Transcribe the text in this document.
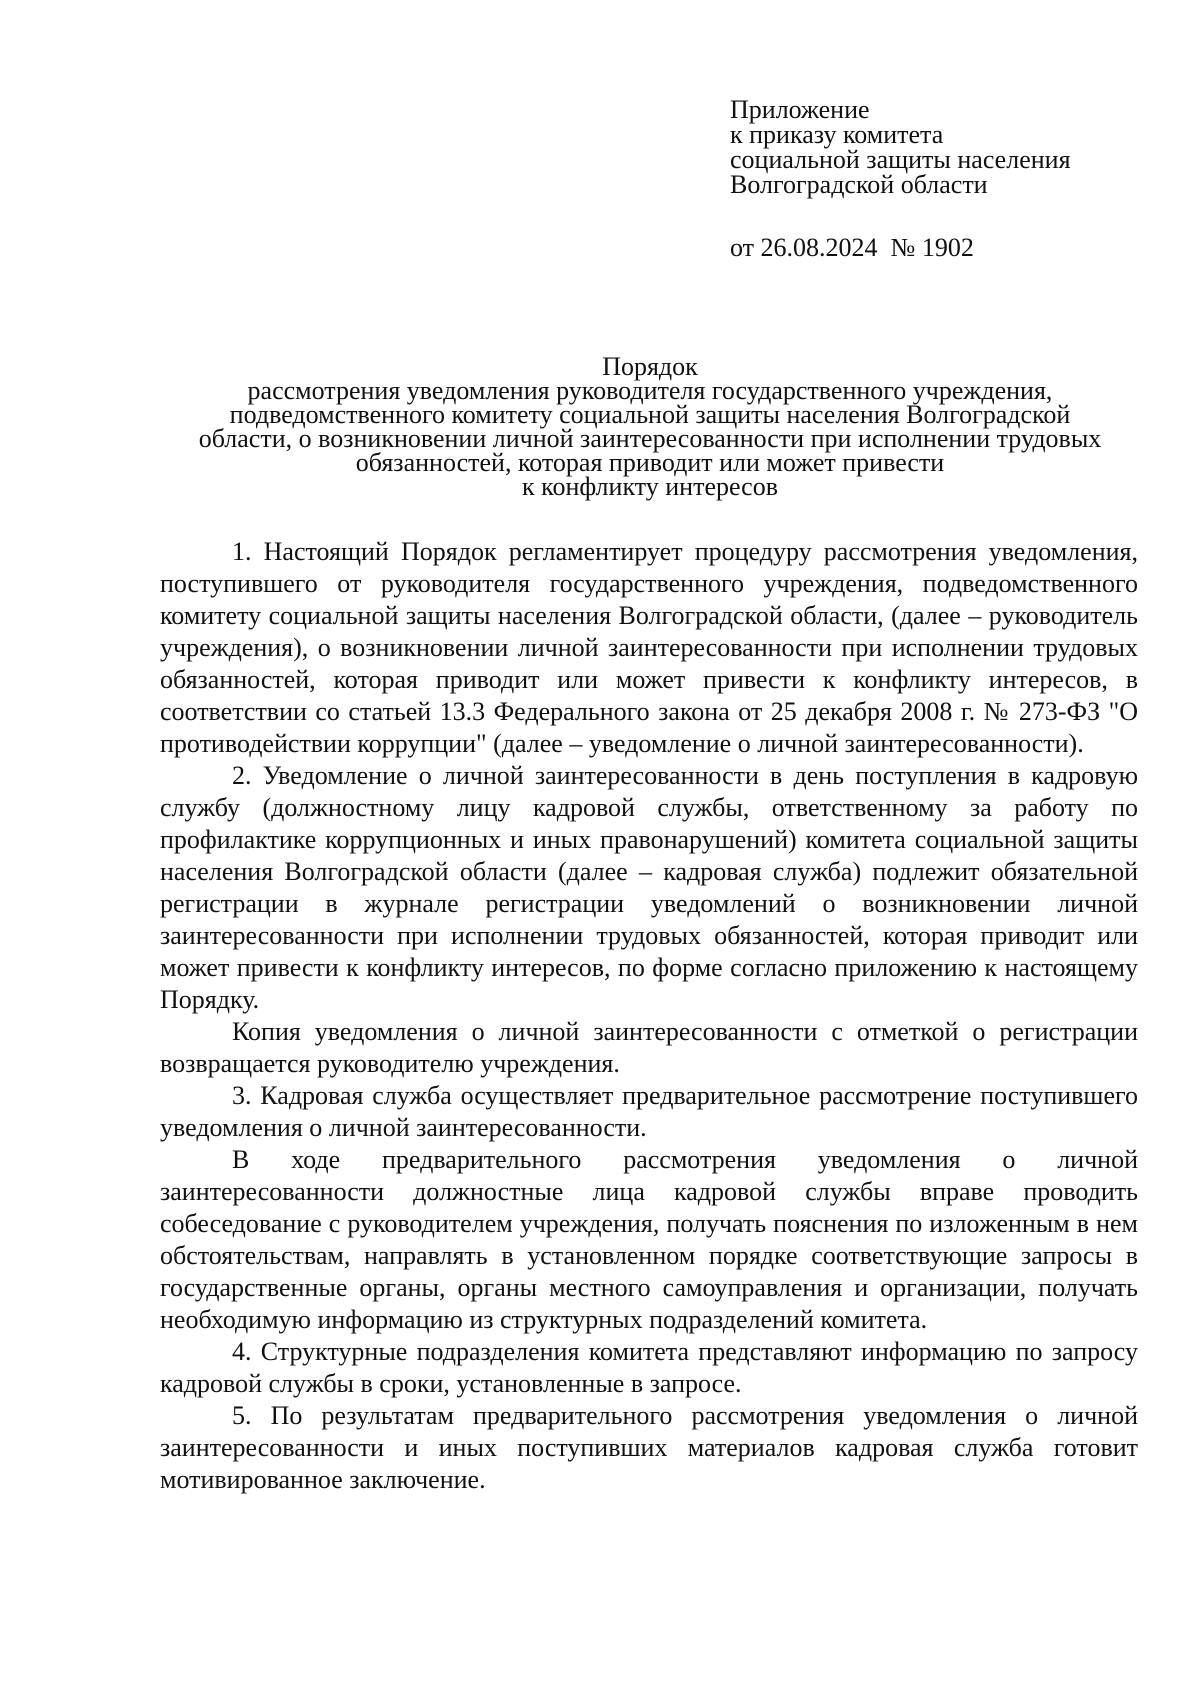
Приложение
к приказу комитета
социальной защиты населения
Волгоградской области
от 26.08.2024  № 1902
Порядок
рассмотрения уведомления руководителя государственного учреждения,
подведомственного комитету социальной защиты населения Волгоградской
области, о возникновении личной заинтересованности при исполнении трудовых
обязанностей, которая приводит или может привести
к конфликту интересов

1. Настоящий Порядок регламентирует процедуру рассмотрения уведомления, поступившего от руководителя государственного учреждения, подведомственного комитету социальной защиты населения Волгоградской области, (далее – руководитель учреждения), о возникновении личной заинтересованности при исполнении трудовых обязанностей, которая приводит или может привести к конфликту интересов, в соответствии со статьей 13.3 Федерального закона от 25 декабря 2008 г. № 273-ФЗ "О противодействии коррупции" (далее – уведомление о личной заинтересованности).

2. Уведомление о личной заинтересованности в день поступления в кадровую службу (должностному лицу кадровой службы, ответственному за работу по профилактике коррупционных и иных правонарушений) комитета социальной защиты населения Волгоградской области (далее – кадровая служба) подлежит обязательной регистрации в журнале регистрации уведомлений о возникновении личной заинтересованности при исполнении трудовых обязанностей, которая приводит или может привести к конфликту интересов, по форме согласно приложению к настоящему Порядку.

Копия уведомления о личной заинтересованности с отметкой о регистрации возвращается руководителю учреждения.

3. Кадровая служба осуществляет предварительное рассмотрение поступившего уведомления о личной заинтересованности.

В ходе предварительного рассмотрения уведомления о личной заинтересованности должностные лица кадровой службы вправе проводить собеседование с руководителем учреждения, получать пояснения по изложенным в нем обстоятельствам, направлять в установленном порядке соответствующие запросы в государственные органы, органы местного самоуправления и организации, получать необходимую информацию из структурных подразделений комитета.

4. Структурные подразделения комитета представляют информацию по запросу кадровой службы в сроки, установленные в запросе.

5. По результатам предварительного рассмотрения уведомления о личной заинтересованности и иных поступивших материалов кадровая служба готовит мотивированное заключение.
